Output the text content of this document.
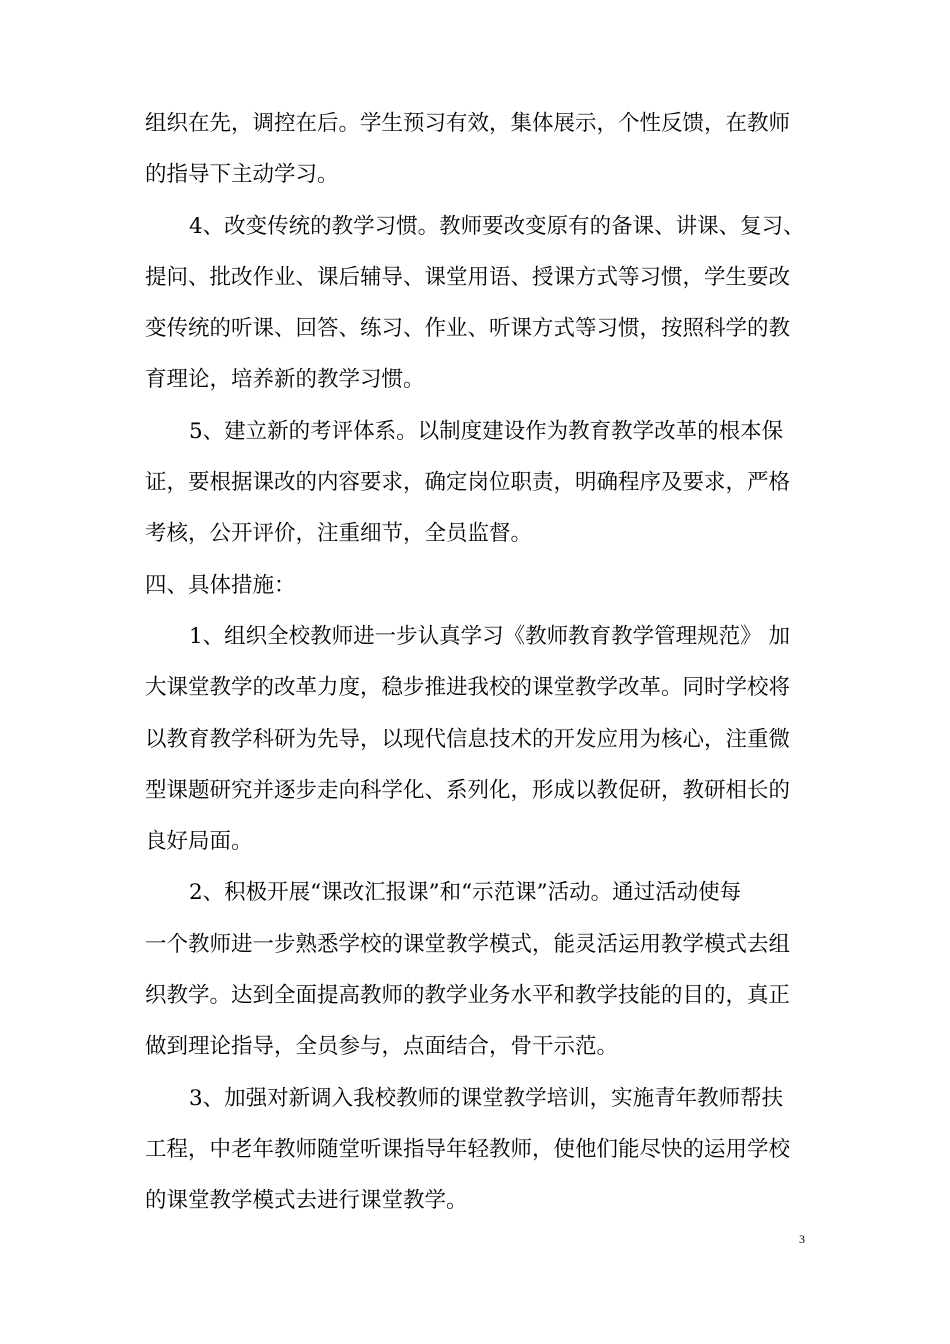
组织在先，调控在后。学生预习有效，集体展示，个性反馈，在教师
的指导下主动学习。
4、改变传统的教学习惯。教师要改变原有的备课、讲课、复习、
提问、批改作业、课后辅导、课堂用语、授课方式等习惯，学生要改
变传统的听课、回答、练习、作业、听课方式等习惯，按照科学的教
育理论，培养新的教学习惯。
5、建立新的考评体系。以制度建设作为教育教学改革的根本保
证，要根据课改的内容要求，确定岗位职责，明确程序及要求，严格
考核，公开评价，注重细节，全员监督。
四、具体措施：
1、组织全校教师进一步认真学习《教师教育教学管理规范》 加
大课堂教学的改革力度，稳步推进我校的课堂教学改革。同时学校将
以教育教学科研为先导，以现代信息技术的开发应用为核心，注重微
型课题研究并逐步走向科学化、系列化，形成以教促研，教研相长的
良好局面。
2、积极开展“课改汇报课”和“示范课”活动。通过活动使每
一个教师进一步熟悉学校的课堂教学模式，能灵活运用教学模式去组
织教学。达到全面提高教师的教学业务水平和教学技能的目的，真正
做到理论指导，全员参与，点面结合，骨干示范。
3、加强对新调入我校教师的课堂教学培训，实施青年教师帮扶
工程，中老年教师随堂听课指导年轻教师，使他们能尽快的运用学校
的课堂教学模式去进行课堂教学。
3
